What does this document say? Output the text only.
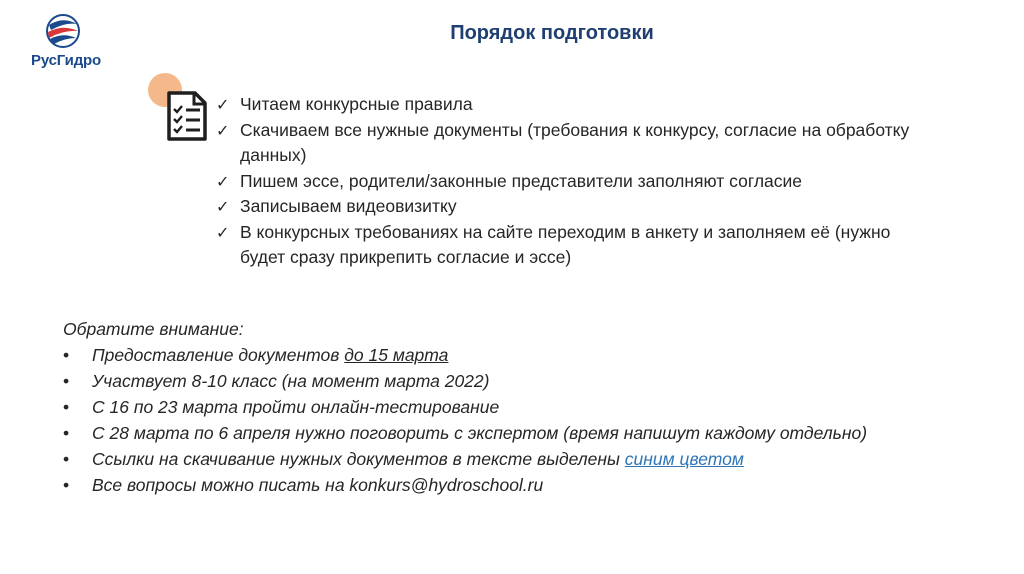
РусГидро
Порядок подготовки
✓ Читаем конкурсные правила
✓ Скачиваем все нужные документы (требования к конкурсу, согласие на обработку данных)
✓ Пишем эссе, родители/законные представители заполняют согласие
✓ Записываем видеовизитку
✓ В конкурсных требованиях на сайте переходим в анкету и заполняем её (нужно будет сразу прикрепить согласие и эссе)

Обратите внимание:

• Предоставление документов до 15 марта
• Участвует 8-10 класс (на момент марта 2022)
• С 16 по 23 марта пройти онлайн-тестирование
• С 28 марта по 6 апреля нужно поговорить с экспертом (время напишут каждому отдельно)
• Ссылки на скачивание нужных документов в тексте выделены синим цветом
• Все вопросы можно писать на konkurs@hydroschool.ru
